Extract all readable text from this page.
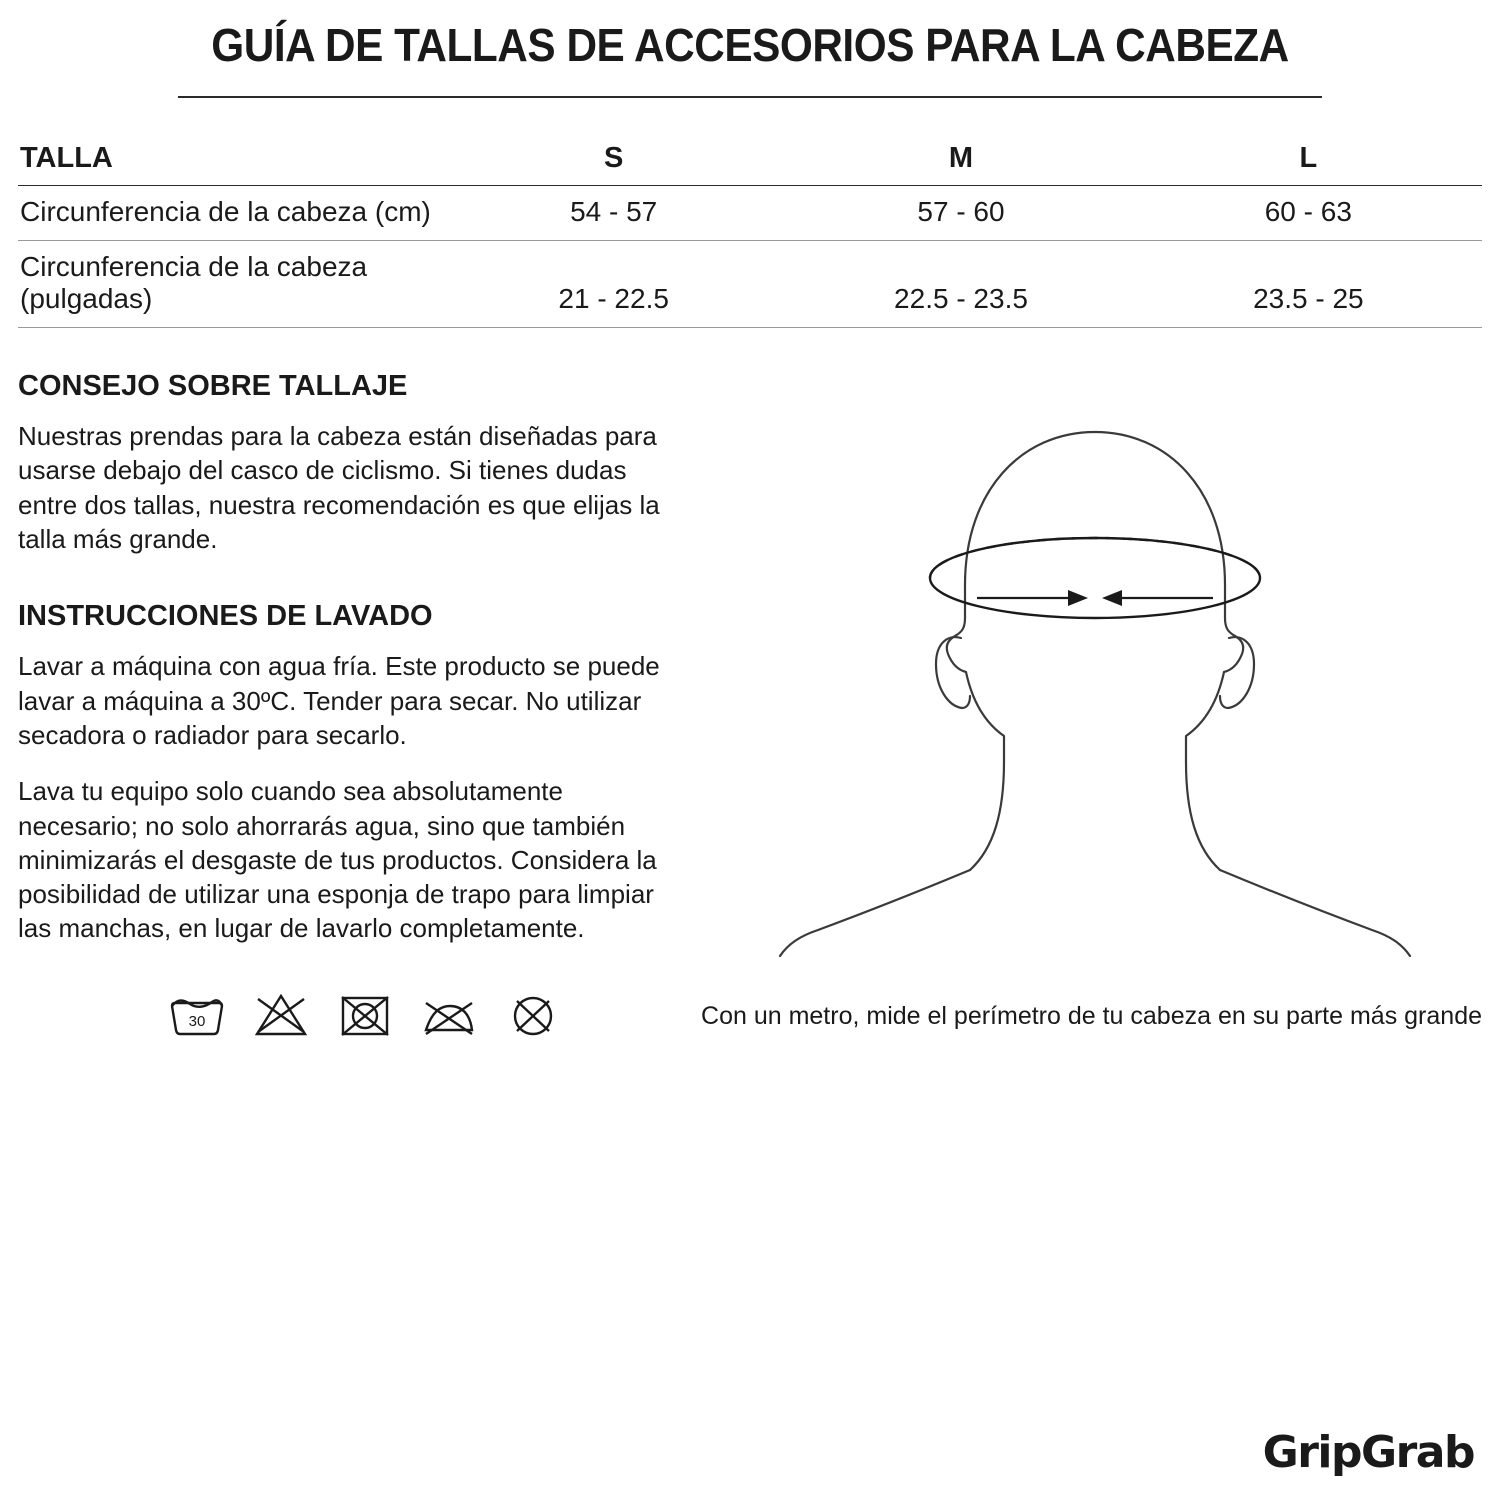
GUÍA DE TALLAS DE ACCESORIOS PARA LA CABEZA
TALLA	S	M	L
Circunferencia de la cabeza (cm)	54 - 57	57 - 60	60 - 63
Circunferencia de la cabeza (pulgadas)	21 - 22.5	22.5 - 23.5	23.5 - 25
CONSEJO SOBRE TALLAJE

Nuestras prendas para la cabeza están diseñadas para usarse debajo del casco de ciclismo. Si tienes dudas entre dos tallas, nuestra recomendación es que elijas la talla más grande.

INSTRUCCIONES DE LAVADO

Lavar a máquina con agua fría. Este producto se puede lavar a máquina a 30ºC. Tender para secar. No utilizar secadora o radiador para secarlo.

Lava tu equipo solo cuando sea absolutamente necesario; no solo ahorrarás agua, sino que también minimizarás el desgaste de tus productos. Considera la posibilidad de utilizar una esponja de trapo para limpiar las manchas, en lugar de lavarlo completamente.

30	Con un metro, mide el perímetro de tu cabeza en su parte más grande
GripGrab
